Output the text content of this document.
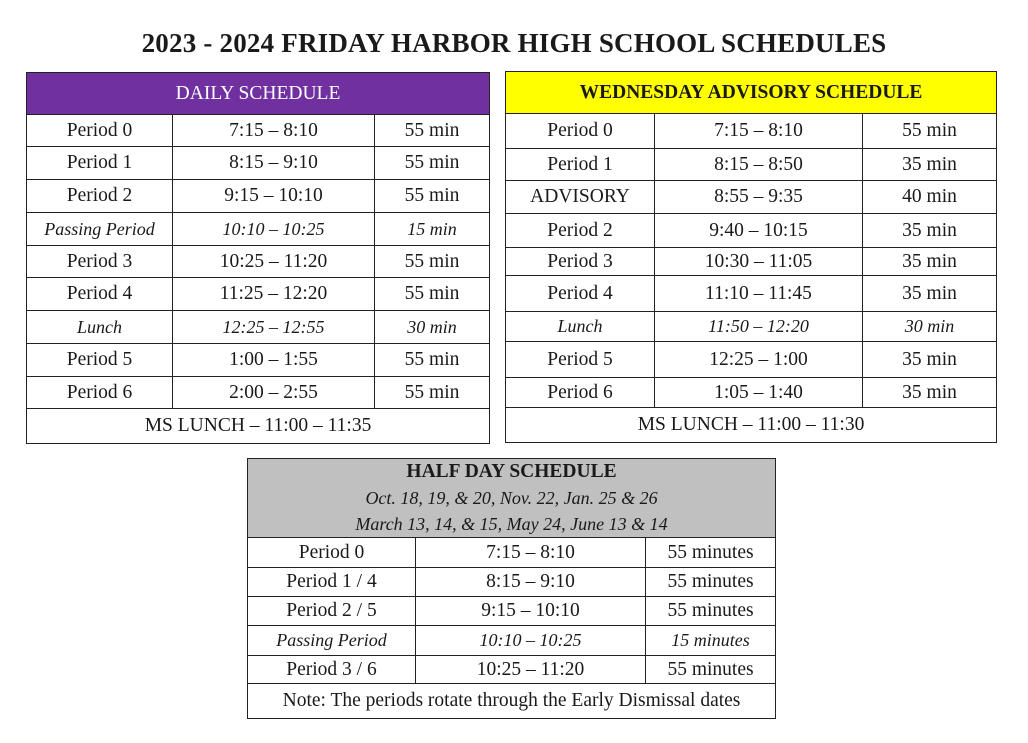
2023 - 2024 FRIDAY HARBOR HIGH SCHOOL SCHEDULES
DAILY SCHEDULE		
Period 0	7:15 – 8:10	55 min
Period 1	8:15 – 9:10	55 min
Period 2	9:15 – 10:10	55 min
Passing Period	10:10 – 10:25	15 min
Period 3	10:25 – 11:20	55 min
Period 4	11:25 – 12:20	55 min
Lunch	12:25 – 12:55	30 min
Period 5	1:00 – 1:55	55 min
Period 6	2:00 – 2:55	55 min
MS LUNCH – 11:00 – 11:35		
WEDNESDAY ADVISORY SCHEDULE		
Period 0	7:15 – 8:10	55 min
Period 1	8:15 – 8:50	35 min
ADVISORY	8:55 – 9:35	40 min
Period 2	9:40 – 10:15	35 min
Period 3	10:30 – 11:05	35 min
Period 4	11:10 – 11:45	35 min
Lunch	11:50 – 12:20	30 min
Period 5	12:25 – 1:00	35 min
Period 6	1:05 – 1:40	35 min
MS LUNCH – 11:00 – 11:30		
HALF DAY SCHEDULE
Oct. 18, 19, & 20, Nov. 22, Jan. 25 & 26
March 13, 14, & 15, May 24, June 13 & 14		

Period 0	7:15 – 8:10	55 minutes
Period 1 / 4	8:15 – 9:10	55 minutes
Period 2 / 5	9:15 – 10:10	55 minutes
Passing Period	10:10 – 10:25	15 minutes
Period 3 / 6	10:25 – 11:20	55 minutes
Note: The periods rotate through the Early Dismissal dates		
